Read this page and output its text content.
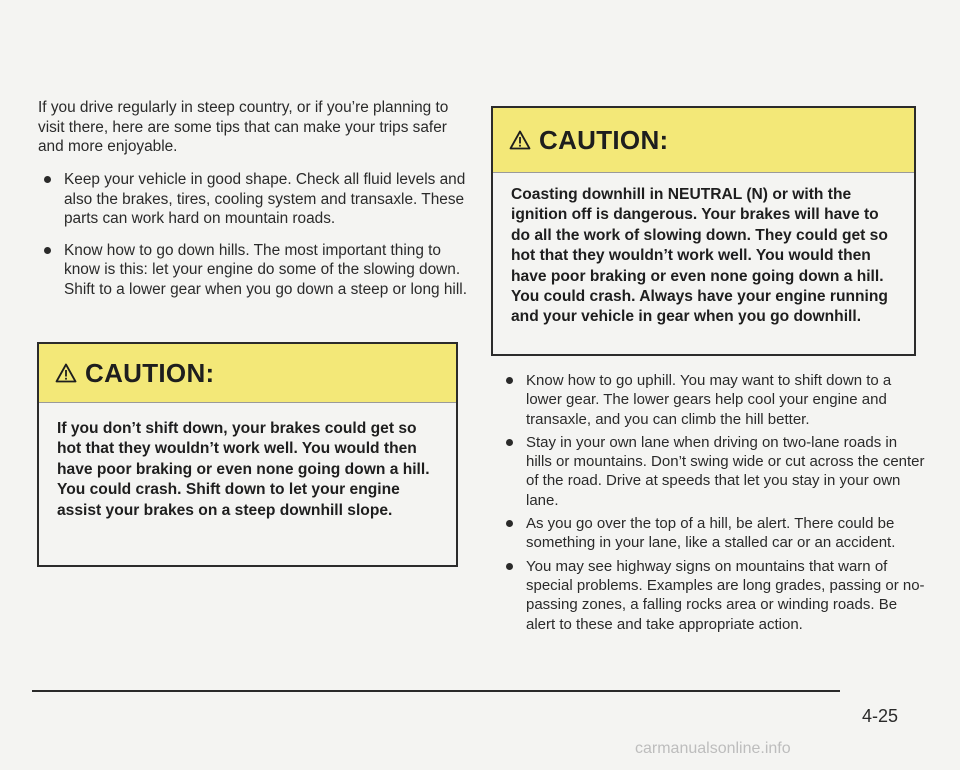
If you drive regularly in steep country, or if you’re planning to visit there, here are some tips that can make your trips safer and more enjoyable.

Keep your vehicle in good shape. Check all fluid levels and also the brakes, tires, cooling system and transaxle. These parts can work hard on mountain roads.
Know how to go down hills. The most important thing to know is this: let your engine do some of the slowing down. Shift to a lower gear when you go down a steep or long hill.
CAUTION:
If you don’t shift down, your brakes could get so hot that they wouldn’t work well. You would then have poor braking or even none going down a hill. You could crash. Shift down to let your engine assist your brakes on a steep downhill slope.
CAUTION:
Coasting downhill in NEUTRAL (N) or with the ignition off is dangerous. Your brakes will have to do all the work of slowing down. They could get so hot that they wouldn’t work well. You would then have poor braking or even none going down a hill. You could crash. Always have your engine running and your vehicle in gear when you go downhill.
Know how to go uphill. You may want to shift down to a lower gear. The lower gears help cool your engine and transaxle, and you can climb the hill better.
Stay in your own lane when driving on two-lane roads in hills or mountains. Don’t swing wide or cut across the center of the road. Drive at speeds that let you stay in your own lane.
As you go over the top of a hill, be alert. There could be something in your lane, like a stalled car or an accident.
You may see highway signs on mountains that warn of special problems. Examples are long grades, passing or no-passing zones, a falling rocks area or winding roads. Be alert to these and take appropriate action.
4-25
carmanualsonline.info
